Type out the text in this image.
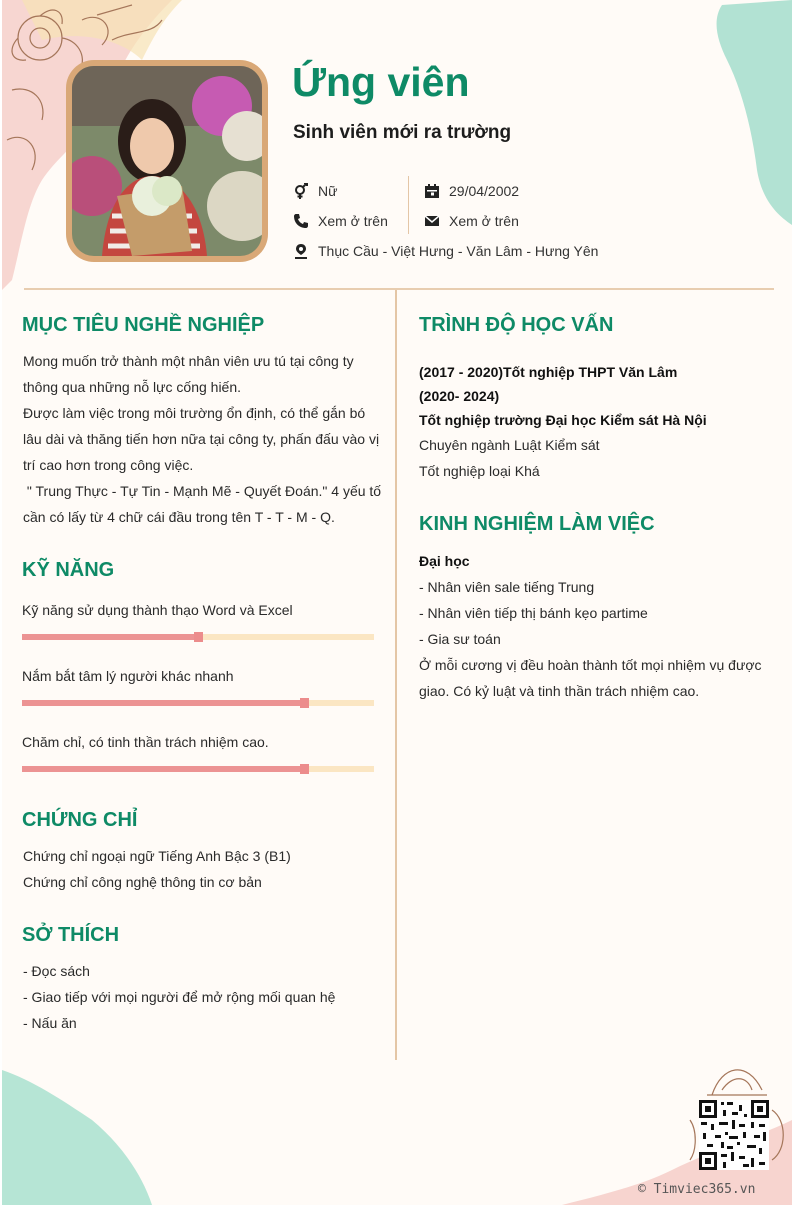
Ứng viên
Sinh viên mới ra trường
Nữ
Xem ở trên
Thục Cầu - Việt Hưng - Văn Lâm - Hưng Yên
29/04/2002
Xem ở trên
MỤC TIÊU NGHỀ NGHIỆP
Mong muốn trở thành một nhân viên ưu tú tại công ty
thông qua những nỗ lực cống hiến.
Được làm việc trong môi trường ổn định, có thể gắn bó
lâu dài và thăng tiến hơn nữa tại công ty, phấn đấu vào vị
trí cao hơn trong công việc.
" Trung Thực - Tự Tin - Mạnh Mẽ - Quyết Đoán." 4 yếu tố
cần có lấy từ 4 chữ cái đầu trong tên T - T - M - Q.
KỸ NĂNG
Kỹ năng sử dụng thành thạo Word và Excel
Nắm bắt tâm lý người khác nhanh
Chăm chỉ, có tinh thần trách nhiệm cao.
CHỨNG CHỈ
Chứng chỉ ngoại ngữ Tiếng Anh Bậc 3 (B1)
Chứng chỉ công nghệ thông tin cơ bản
SỞ THÍCH
- Đọc sách
- Giao tiếp với mọi người để mở rộng mối quan hệ
- Nấu ăn
TRÌNH ĐỘ HỌC VẤN
(2017 - 2020)Tốt nghiệp THPT Văn Lâm
(2020- 2024)
Tốt nghiệp trường Đại học Kiểm sát Hà Nội
Chuyên ngành Luật Kiểm sát
Tốt nghiệp loại Khá
KINH NGHIỆM LÀM VIỆC
Đại học
- Nhân viên sale tiếng Trung
- Nhân viên tiếp thị bánh kẹo partime
- Gia sư toán
Ở mỗi cương vị đều hoàn thành tốt mọi nhiệm vụ được
giao. Có kỷ luật và tinh thần trách nhiệm cao.
© Timviec365.vn
